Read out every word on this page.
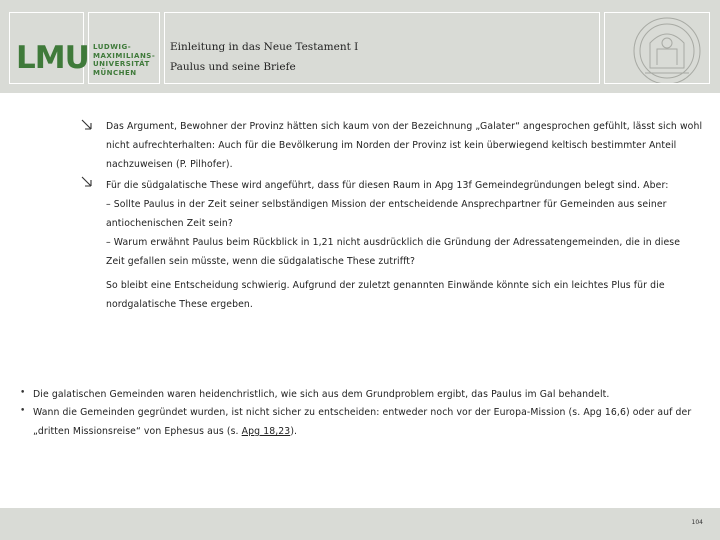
LMU LUDWIG-
MAXIMILIANS-
UNIVERSITÄT
MÜNCHEN
Einleitung in das Neue Testament I
Paulus und seine Briefe
Das Argument, Bewohner der Provinz hätten sich kaum von der Bezeichnung „Galater“ angesprochen gefühlt, lässt sich wohl
nicht aufrechterhalten: Auch für die Bevölkerung im Norden der Provinz ist kein überwiegend keltisch bestimmter Anteil
nachzuweisen (P. Pilhofer).
Für die südgalatische These wird angeführt, dass für diesen Raum in Apg 13f Gemeindegründungen belegt sind. Aber:
– Sollte Paulus in der Zeit seiner selbständigen Mission der entscheidende Ansprechpartner für Gemeinden aus seiner
antiochenischen Zeit sein?
– Warum erwähnt Paulus beim Rückblick in 1,21 nicht ausdrücklich die Gründung der Adressatengemeinden, die in diese
Zeit gefallen sein müsste, wenn die südgalatische These zutrifft?
So bleibt eine Entscheidung schwierig. Aufgrund der zuletzt genannten Einwände könnte sich ein leichtes Plus für die
nordgalatische These ergeben.
• Die galatischen Gemeinden waren heidenchristlich, wie sich aus dem Grundproblem ergibt, das Paulus im Gal behandelt.
• Wann die Gemeinden gegründet wurden, ist nicht sicher zu entscheiden: entweder noch vor der Europa-Mission (s. Apg 16,6) oder auf der
„dritten Missionsreise“ von Ephesus aus (s. Apg 18,23).
104
